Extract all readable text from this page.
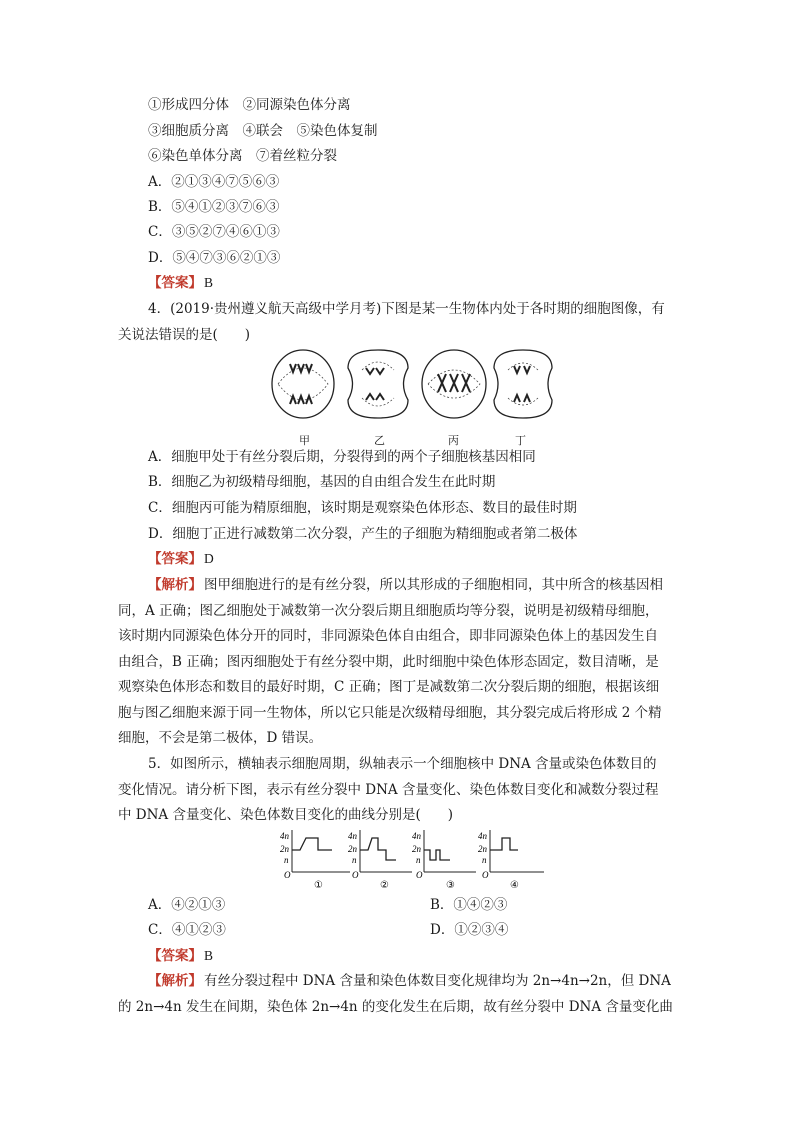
①形成四分体　②同源染色体分离
③细胞质分离　④联会　⑤染色体复制
⑥染色单体分离　⑦着丝粒分裂
A．②①③④⑦⑤⑥③
B．⑤④①②③⑦⑥③
C．③⑤②⑦④⑥①③
D．⑤④⑦③⑥②①③
【答案】 B
4．(2019·贵州遵义航天高级中学月考)下图是某一生物体内处于各时期的细胞图像，有
关说法错误的是(　　)
甲	乙	丙	丁
A．细胞甲处于有丝分裂后期，分裂得到的两个子细胞核基因相同
B．细胞乙为初级精母细胞，基因的自由组合发生在此时期
C．细胞丙可能为精原细胞，该时期是观察染色体形态、数目的最佳时期
D．细胞丁正进行减数第二次分裂，产生的子细胞为精细胞或者第二极体
【答案】 D
【解析】 图甲细胞进行的是有丝分裂，所以其形成的子细胞相同，其中所含的核基因相
同，A 正确；图乙细胞处于减数第一次分裂后期且细胞质均等分裂，说明是初级精母细胞，
该时期内同源染色体分开的同时，非同源染色体自由组合，即非同源染色体上的基因发生自
由组合，B 正确；图丙细胞处于有丝分裂中期，此时细胞中染色体形态固定，数目清晰，是
观察染色体形态和数目的最好时期，C 正确；图丁是减数第二次分裂后期的细胞，根据该细
胞与图乙细胞来源于同一生物体，所以它只能是次级精母细胞，其分裂完成后将形成 2 个精
细胞，不会是第二极体，D 错误。
5．如图所示，横轴表示细胞周期，纵轴表示一个细胞核中 DNA 含量或染色体数目的
变化情况。请分析下图，表示有丝分裂中 DNA 含量变化、染色体数目变化和减数分裂过程
中 DNA 含量变化、染色体数目变化的曲线分别是(　　)
4n
2n
n
O
4n
2n
n
O
4n
2n
n
O
4n
2n
n
O
①	②	③	④
A．④②①③	B．①④②③
C．④①②③	D．①②③④
【答案】 B
【解析】 有丝分裂过程中 DNA 含量和染色体数目变化规律均为 2n→4n→2n，但 DNA
的 2n→4n 发生在间期，染色体 2n→4n 的变化发生在后期，故有丝分裂中 DNA 含量变化曲
